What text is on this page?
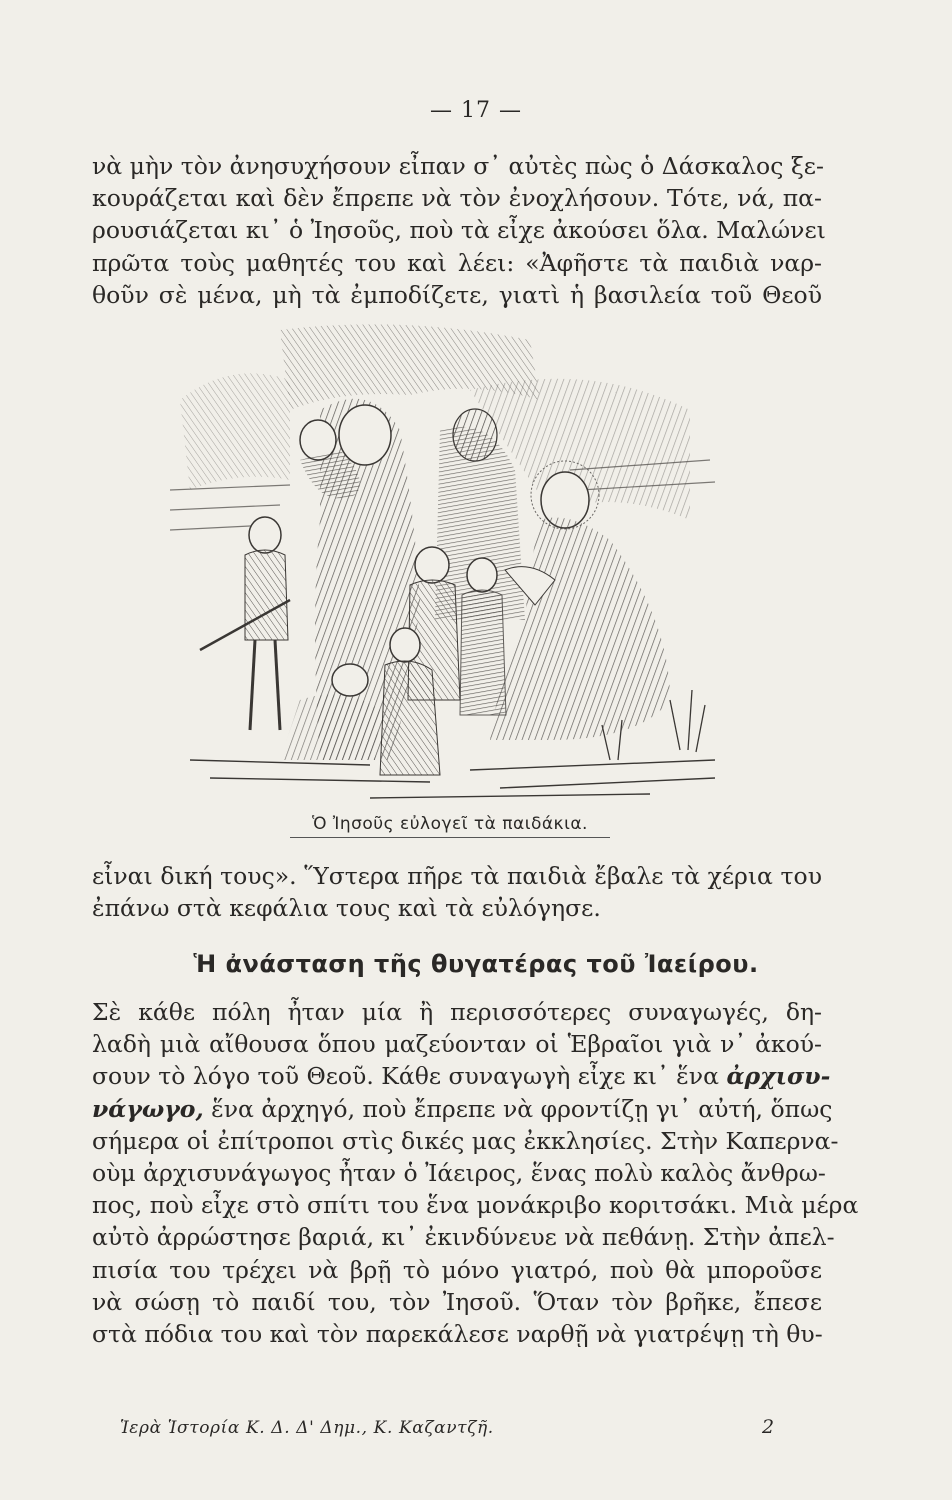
— 17 —
νὰ μὴν τὸν ἀνησυχήσουν εἶπαν σ᾿ αὐτὲς πὼς ὁ Δάσκαλος ξε-
κουράζεται καὶ δὲν ἔπρεπε νὰ τὸν ἐνοχλήσουν. Τότε, νά, πα-
ρουσιάζεται κι᾿ ὁ Ἰησοῦς, ποὺ τὰ εἶχε ἀκούσει ὅλα. Μαλώνει
πρῶτα τοὺς μαθητές του καὶ λέει: «Ἀφῆστε τὰ παιδιὰ ναρ-
θοῦν σὲ μένα, μὴ τὰ ἐμποδίζετε, γιατὶ ἡ βασιλεία τοῦ Θεοῦ
Ὁ Ἰησοῦς εὐλογεῖ τὰ παιδάκια.
εἶναι δική τους». Ὕστερα πῆρε τὰ παιδιὰ ἔβαλε τὰ χέρια του
ἐπάνω στὰ κεφάλια τους καὶ τὰ εὐλόγησε.
Ἡ ἀνάσταση τῆς θυγατέρας τοῦ Ἰαείρου.
Σὲ κάθε πόλη ἦταν μία ἢ περισσότερες συναγωγές, δη-
λαδὴ μιὰ αἴθουσα ὅπου μαζεύονταν οἱ Ἑβραῖοι γιὰ ν᾿ ἀκού-
σουν τὸ λόγο τοῦ Θεοῦ. Κάθε συναγωγὴ εἶχε κι᾿ ἕνα ἀρχισυ-
νάγωγο, ἕνα ἀρχηγό, ποὺ ἔπρεπε νὰ φροντίζῃ γι᾿ αὐτή, ὅπως
σήμερα οἱ ἐπίτροποι στὶς δικές μας ἐκκλησίες. Στὴν Καπερνα-
οὺμ ἀρχισυνάγωγος ἦταν ὁ Ἰάειρος, ἕνας πολὺ καλὸς ἄνθρω-
πος, ποὺ εἶχε στὸ σπίτι του ἕνα μονάκριβο κοριτσάκι. Μιὰ μέρα
αὐτὸ ἀρρώστησε βαριά, κι᾿ ἐκινδύνευε νὰ πεθάνῃ. Στὴν ἀπελ-
πισία του τρέχει νὰ βρῇ τὸ μόνο γιατρό, ποὺ θὰ μποροῦσε
νὰ σώσῃ τὸ παιδί του, τὸν Ἰησοῦ. Ὅταν τὸν βρῆκε, ἔπεσε
στὰ πόδια του καὶ τὸν παρεκάλεσε ναρθῇ νὰ γιατρέψῃ τὴ θυ-
Ἱερὰ Ἱστορία Κ. Δ. Δ' Δημ., Κ. Καζαντζῆ.	2
